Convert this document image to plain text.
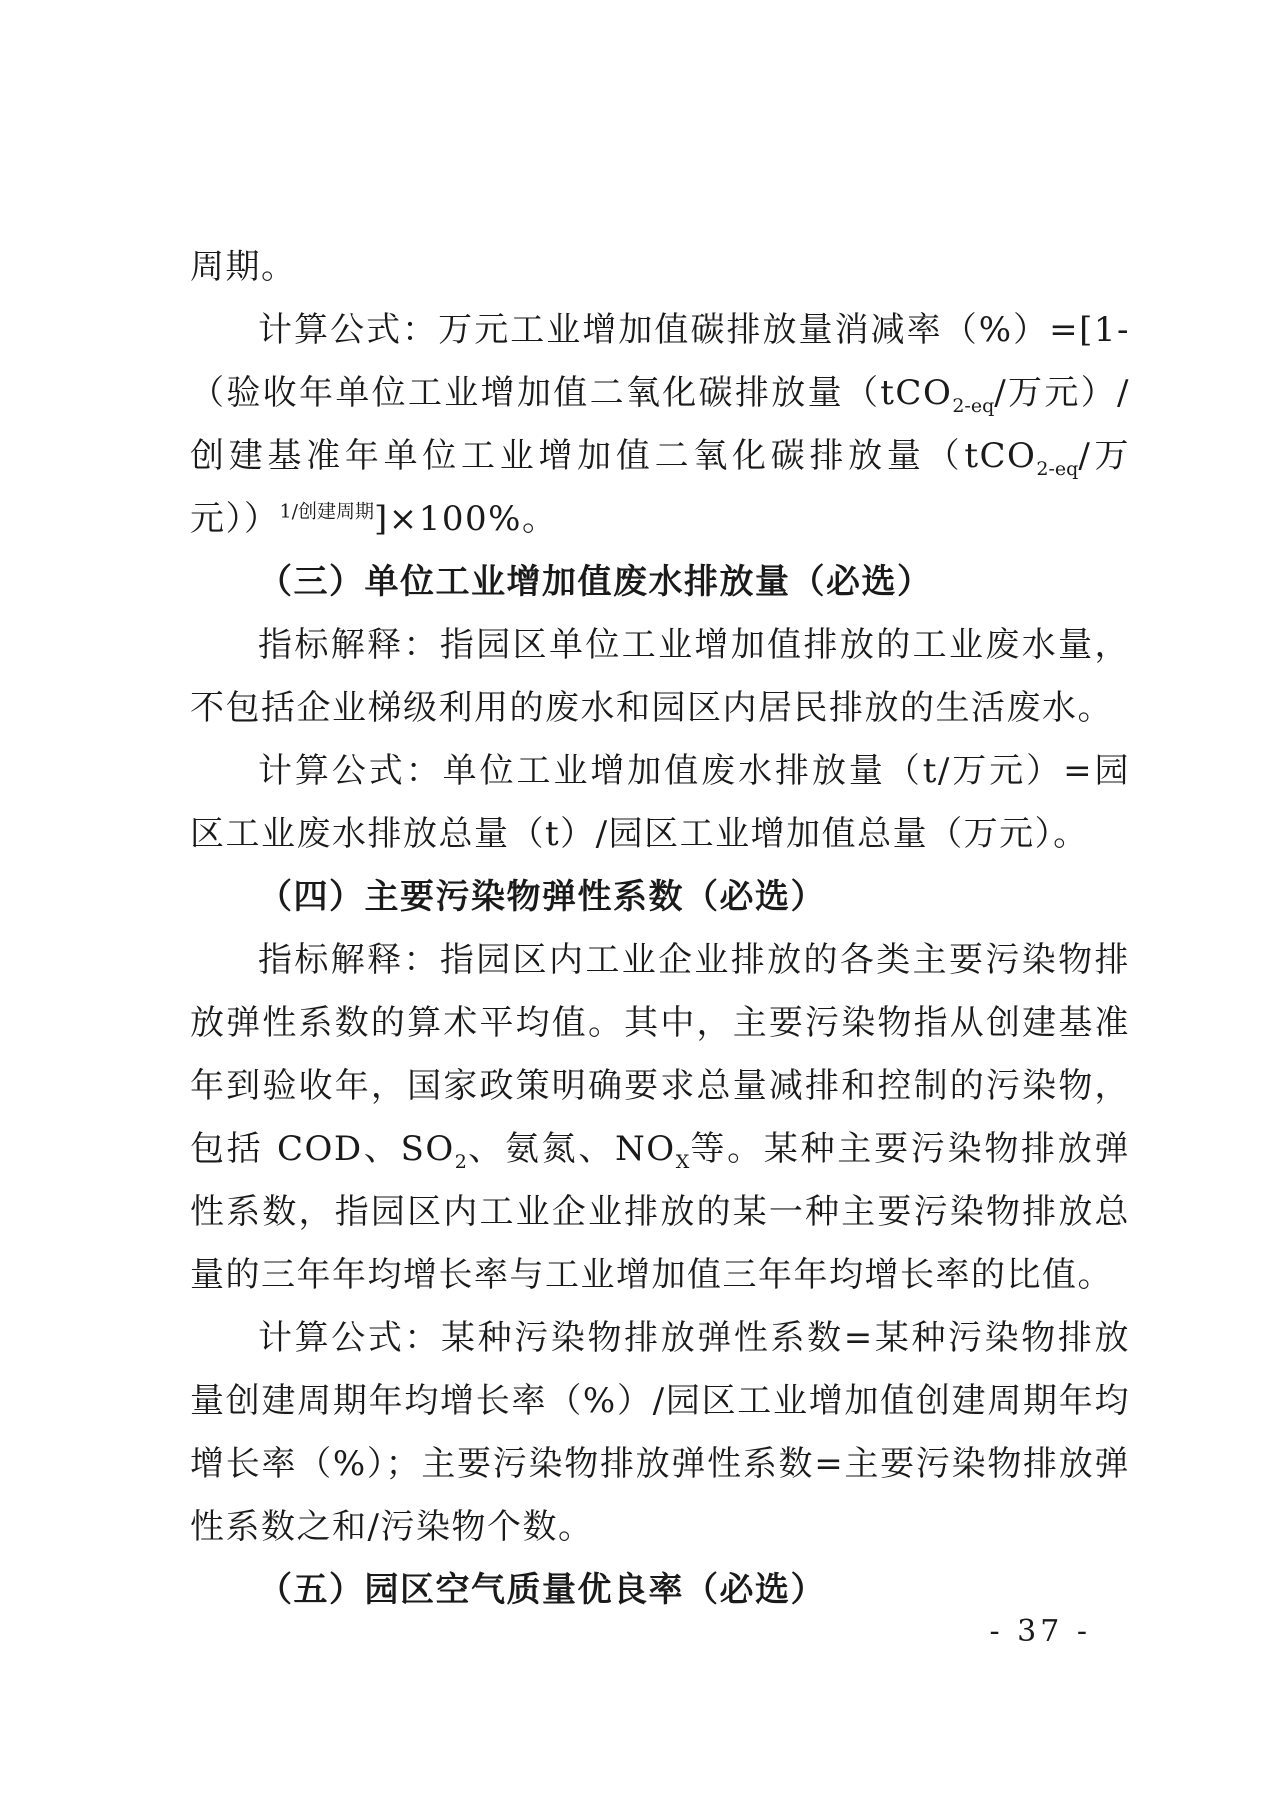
周期。

计算公式：万元工业增加值碳排放量消减率（%）=[1-（验收年单位工业增加值二氧化碳排放量（tCO$_{2-eq}$/万元）/创建基准年单位工业增加值二氧化碳排放量（tCO$_{2-eq}$/万元））$^{1/创建周期}$]×100%。

（三）单位工业增加值废水排放量（必选）

指标解释：指园区单位工业增加值排放的工业废水量，不包括企业梯级利用的废水和园区内居民排放的生活废水。

计算公式：单位工业增加值废水排放量（t/万元）=园区工业废水排放总量（t）/园区工业增加值总量（万元）。

（四）主要污染物弹性系数（必选）

指标解释：指园区内工业企业排放的各类主要污染物排放弹性系数的算术平均值。其中，主要污染物指从创建基准年到验收年，国家政策明确要求总量减排和控制的污染物，包括 COD、$SO_2$、氨氮、$NO_X$等。某种主要污染物排放弹性系数，指园区内工业企业排放的某一种主要污染物排放总量的三年年均增长率与工业增加值三年年均增长率的比值。

计算公式：某种污染物排放弹性系数=某种污染物排放量创建周期年均增长率（%）/园区工业增加值创建周期年均增长率（%）；主要污染物排放弹性系数=主要污染物排放弹性系数之和/污染物个数。

（五）园区空气质量优良率（必选）

- 37 -
